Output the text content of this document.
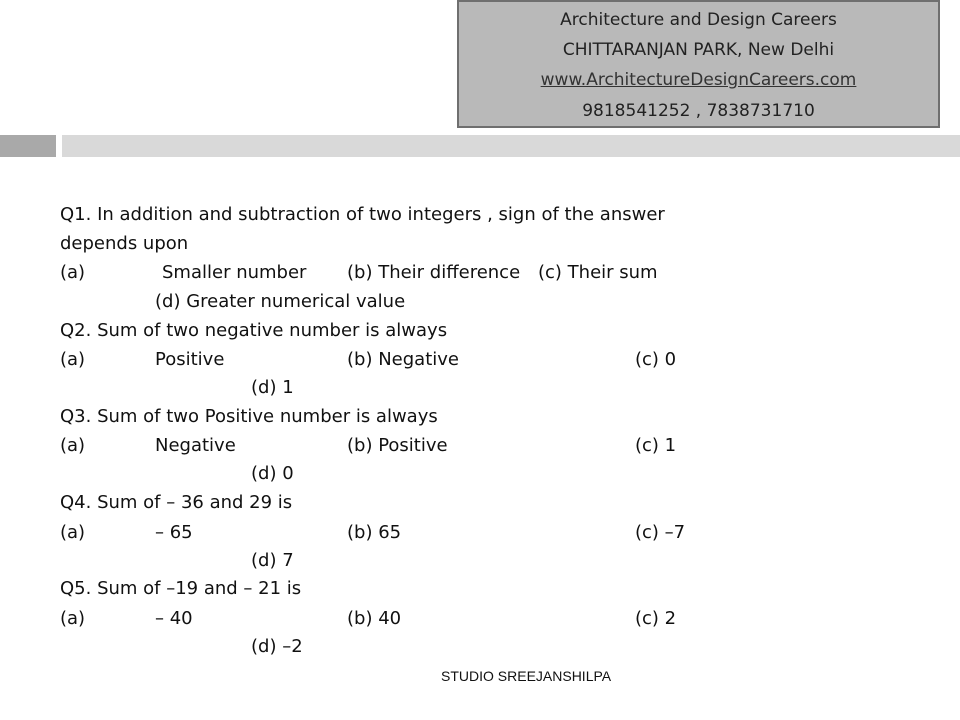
Architecture and Design Careers
CHITTARANJAN PARK, New Delhi
www.ArchitectureDesignCareers.com
9818541252 , 7838731710
Q1. In addition and subtraction of two integers , sign of the answer
depends upon
(a)	Smaller number (b) Their difference (c) Their sum
(d) Greater numerical value
Q2. Sum of two negative number is always
(a)	Positive	(b) Negative	(c) 0
(d) 1
Q3. Sum of two Positive number is always
(a)	Negative	(b) Positive	(c) 1
(d) 0
Q4. Sum of – 36 and 29 is
(a)	– 65	(b) 65	(c) –7
(d) 7
Q5. Sum of –19 and – 21 is
(a)	– 40	(b) 40	(c) 2
(d) –2
STUDIO SREEJANSHILPA
